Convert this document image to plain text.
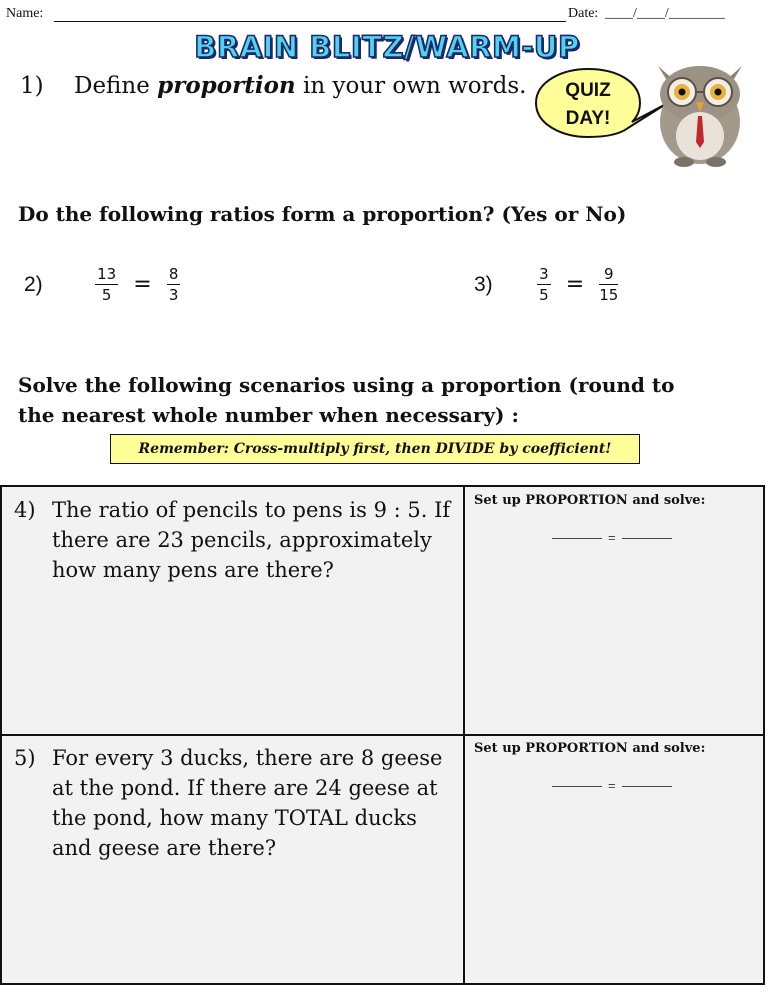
Name:	Date: ____/____/________
BRAIN BLITZ/WARM-UP
1) Define proportion in your own words. QUIZ
DAY!
Do the following ratios form a proportion? (Yes or No)
2)	$\frac{13}{5} = \frac{8}{3}$	3)	$\frac{3}{5} = \frac{9}{15}$
Solve the following scenarios using a proportion (round to
the nearest whole number when necessary) :
Remember: Cross-multiply first, then DIVIDE by coefficient!
4) The ratio of pencils to pens is 9 : 5. If there are 23 pencils, approximately how many pens are there?
Set up PROPORTION and solve:
=
5) For every 3 ducks, there are 8 geese at the pond. If there are 24 geese at the pond, how many TOTAL ducks and geese are there?
Set up PROPORTION and solve:
=
